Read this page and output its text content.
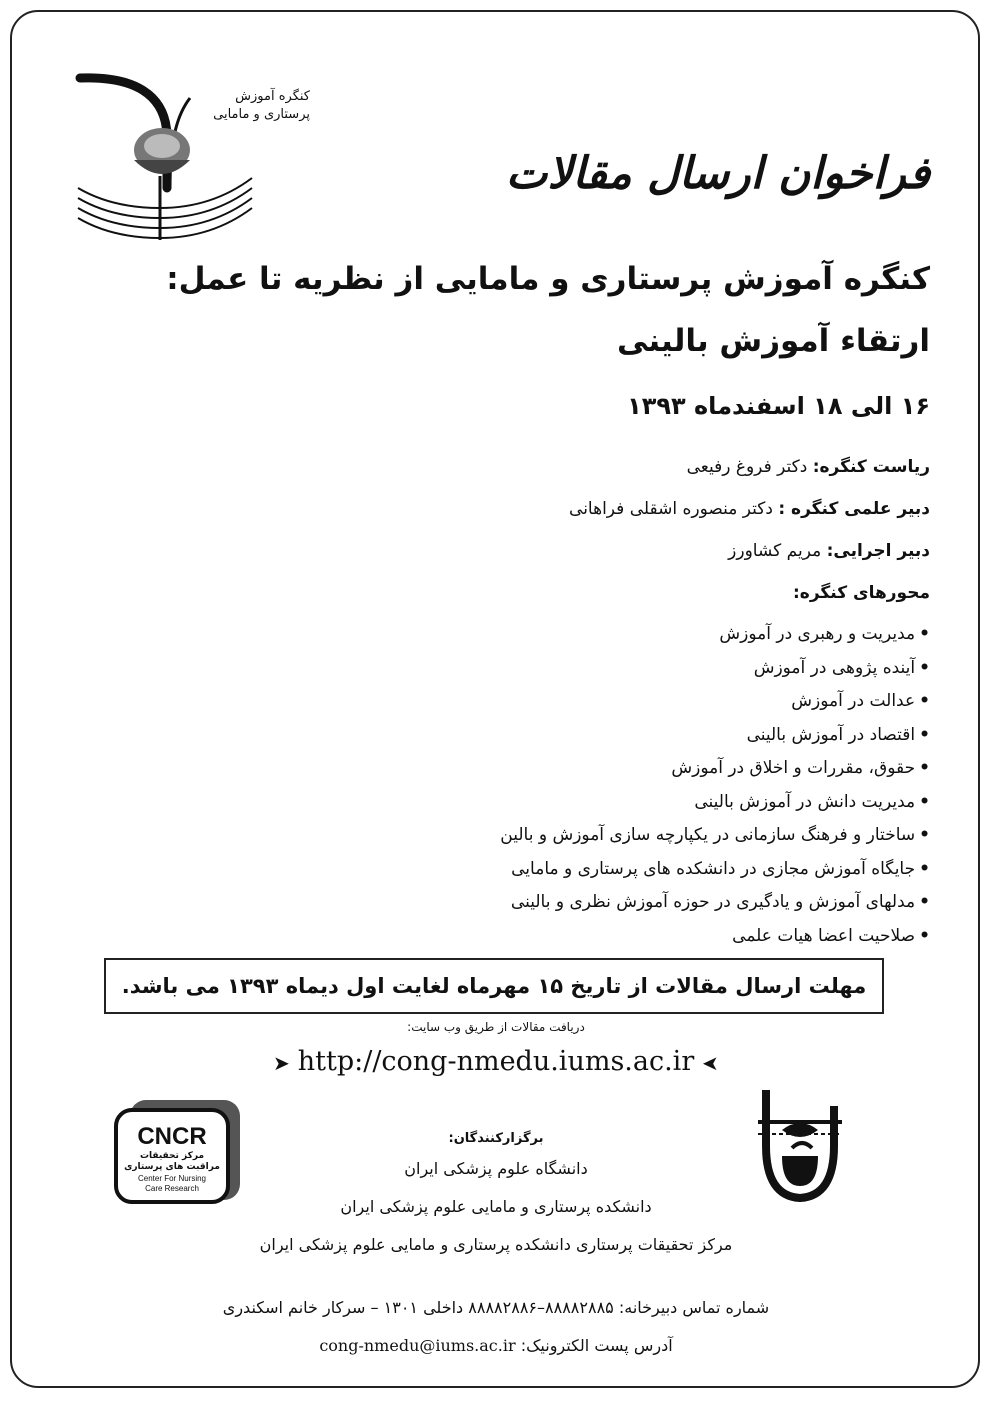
کنگره آموزش
پرستاری و مامایی
فراخوان ارسال مقالات
کنگره آموزش پرستاری و مامایی از نظریه تا عمل:
ارتقاء آموزش بالینی
۱۶ الی ۱۸ اسفندماه ۱۳۹۳
ریاست کنگره: دکتر فروغ رفیعی
دبیر علمی کنگره : دکتر منصوره اشقلی فراهانی
دبیر اجرایی: مریم کشاورز
محورهای کنگره:
•مدیریت و رهبری در آموزش
•آینده پژوهی در آموزش
•عدالت در آموزش
•اقتصاد در آموزش بالینی
•حقوق، مقررات و اخلاق در آموزش
•مدیریت دانش در آموزش بالینی
•ساختار و فرهنگ سازمانی در یکپارچه سازی آموزش و بالین
•جایگاه آموزش مجازی در دانشکده های پرستاری و مامایی
•مدلهای آموزش و یادگیری در حوزه آموزش نظری و بالینی
•صلاحیت اعضا هیات علمی
مهلت ارسال مقالات از تاریخ ۱۵ مهرماه لغایت اول دیماه ۱۳۹۳ می باشد.
دریافت مقالات از طریق وب سایت:
➤ http://cong-nmedu.iums.ac.ir ➤
CNCR
مرکز تحقیقات
مراقبت های پرستاری
Center For Nursing
Care Research
برگزارکنندگان:
دانشگاه علوم پزشکی ایران
دانشکده پرستاری و مامایی علوم پزشکی ایران
مرکز تحقیقات پرستاری دانشکده پرستاری و مامایی علوم پزشکی ایران
شماره تماس دبیرخانه: ۸۸۸۸۲۸۸۵–۸۸۸۸۲۸۸۶ داخلی ۱۳۰۱ – سرکار خانم اسکندری
آدرس پست الکترونیک: cong-nmedu@iums.ac.ir
